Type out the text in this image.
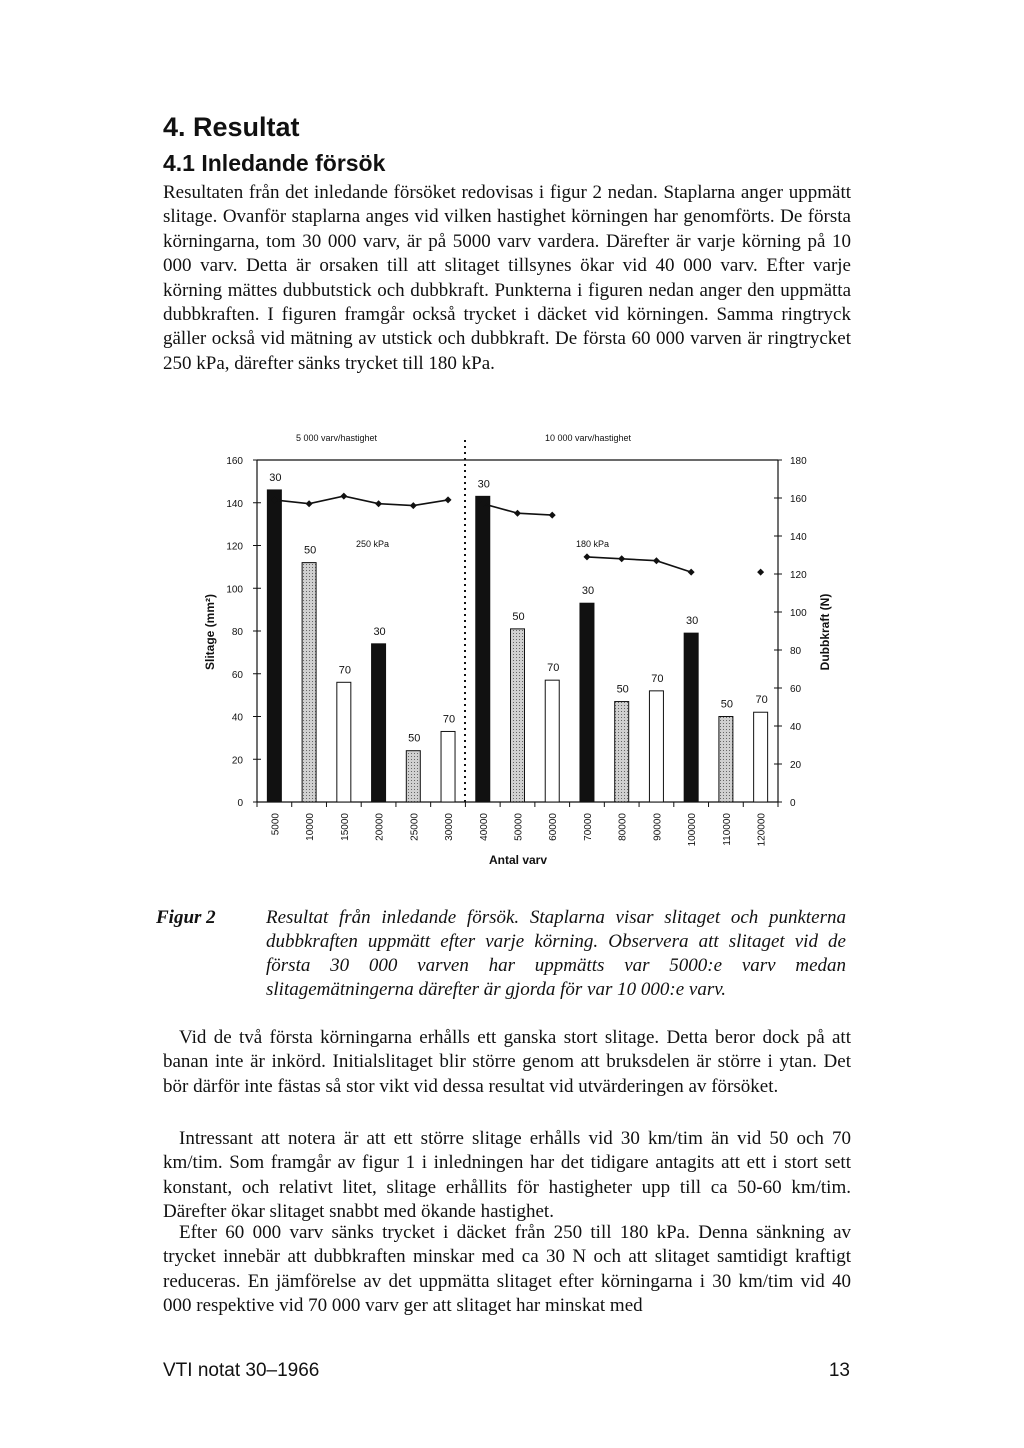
4. Resultat
4.1 Inledande försök

Resultaten från det inledande försöket redovisas i figur 2 nedan. Staplarna anger uppmätt slitage. Ovanför staplarna anges vid vilken hastighet körningen har genomförts. De första körningarna, tom 30 000 varv, är på 5000 varv vardera. Därefter är varje körning på 10 000 varv. Detta är orsaken till att slitaget tillsynes ökar vid 40 000 varv. Efter varje körning mättes dubbutstick och dubbkraft. Punkterna i figuren nedan anger den uppmätta dubbkraften. I figuren framgår också trycket i däcket vid körningen. Samma ringtryck gäller också vid mätning av utstick och dubbkraft. De första 60 000 varven är ringtrycket 250 kPa, därefter sänks trycket till 180 kPa.

0
20
40
60
80
100
120
140
160
0
20
40
60
80
100
120
140
160
180
5000 10000 15000 20000 25000 30000 40000 50000 60000 70000 80000 90000 100000 110000 120000
30
50
70
30
50
70
30
50
70
30
50
70
30
50 70
5 000 varv/hastighet	10 000 varv/hastighet
250 kPa	180 kPa
Slitage (mm²)	Dubbkraft (N)
Antal varv
Figur 2	Resultat från inledande försök. Staplarna visar slitaget och punkterna dubbkraften uppmätt efter varje körning. Observera att slitaget vid de första 30 000 varven har uppmätts var 5000:e varv medan slitagemätningerna därefter är gjorda för var 10 000:e varv.

Vid de två första körningarna erhålls ett ganska stort slitage. Detta beror dock på att banan inte är inkörd. Initialslitaget blir större genom att bruksdelen är större i ytan. Det bör därför inte fästas så stor vikt vid dessa resultat vid utvärderingen av försöket.

Intressant att notera är att ett större slitage erhålls vid 30 km/tim än vid 50 och 70 km/tim. Som framgår av figur 1 i inledningen har det tidigare antagits att ett i stort sett konstant, och relativt litet, slitage erhållits för hastigheter upp till ca 50-60 km/tim. Därefter ökar slitaget snabbt med ökande hastighet.

Efter 60 000 varv sänks trycket i däcket från 250 till 180 kPa. Denna sänkning av trycket innebär att dubbkraften minskar med ca 30 N och att slitaget samtidigt kraftigt reduceras. En jämförelse av det uppmätta slitaget efter körningarna i 30 km/tim vid 40 000 respektive vid 70 000 varv ger att slitaget har minskat med

VTI notat 30–1966	13
